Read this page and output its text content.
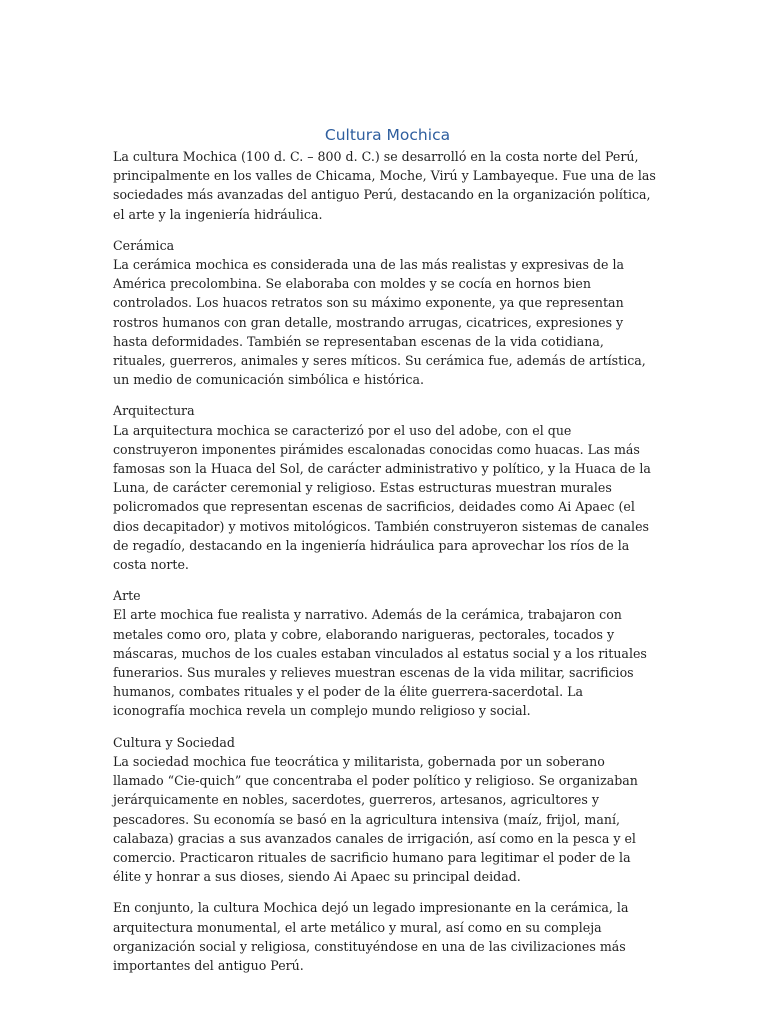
Cultura Mochica
La cultura Mochica (100 d. C. – 800 d. C.) se desarrolló en la costa norte del Perú, principalmente en los valles de Chicama, Moche, Virú y Lambayeque. Fue una de las sociedades más avanzadas del antiguo Perú, destacando en la organización política, el arte y la ingeniería hidráulica.
Cerámica
La cerámica mochica es considerada una de las más realistas y expresivas de la América precolombina. Se elaboraba con moldes y se cocía en hornos bien controlados. Los huacos retratos son su máximo exponente, ya que representan rostros humanos con gran detalle, mostrando arrugas, cicatrices, expresiones y hasta deformidades. También se representaban escenas de la vida cotidiana, rituales, guerreros, animales y seres míticos. Su cerámica fue, además de artística, un medio de comunicación simbólica e histórica.
Arquitectura
La arquitectura mochica se caracterizó por el uso del adobe, con el que construyeron imponentes pirámides escalonadas conocidas como huacas. Las más famosas son la Huaca del Sol, de carácter administrativo y político, y la Huaca de la Luna, de carácter ceremonial y religioso. Estas estructuras muestran murales policromados que representan escenas de sacrificios, deidades como Ai Apaec (el dios decapitador) y motivos mitológicos. También construyeron sistemas de canales de regadío, destacando en la ingeniería hidráulica para aprovechar los ríos de la costa norte.
Arte
El arte mochica fue realista y narrativo. Además de la cerámica, trabajaron con metales como oro, plata y cobre, elaborando narigueras, pectorales, tocados y máscaras, muchos de los cuales estaban vinculados al estatus social y a los rituales funerarios. Sus murales y relieves muestran escenas de la vida militar, sacrificios humanos, combates rituales y el poder de la élite guerrera-sacerdotal. La iconografía mochica revela un complejo mundo religioso y social.
Cultura y Sociedad
La sociedad mochica fue teocrática y militarista, gobernada por un soberano llamado “Cie-quich” que concentraba el poder político y religioso. Se organizaban jerárquicamente en nobles, sacerdotes, guerreros, artesanos, agricultores y pescadores. Su economía se basó en la agricultura intensiva (maíz, frijol, maní, calabaza) gracias a sus avanzados canales de irrigación, así como en la pesca y el comercio. Practicaron rituales de sacrificio humano para legitimar el poder de la élite y honrar a sus dioses, siendo Ai Apaec su principal deidad.
En conjunto, la cultura Mochica dejó un legado impresionante en la cerámica, la arquitectura monumental, el arte metálico y mural, así como en su compleja organización social y religiosa, constituyéndose en una de las civilizaciones más importantes del antiguo Perú.
